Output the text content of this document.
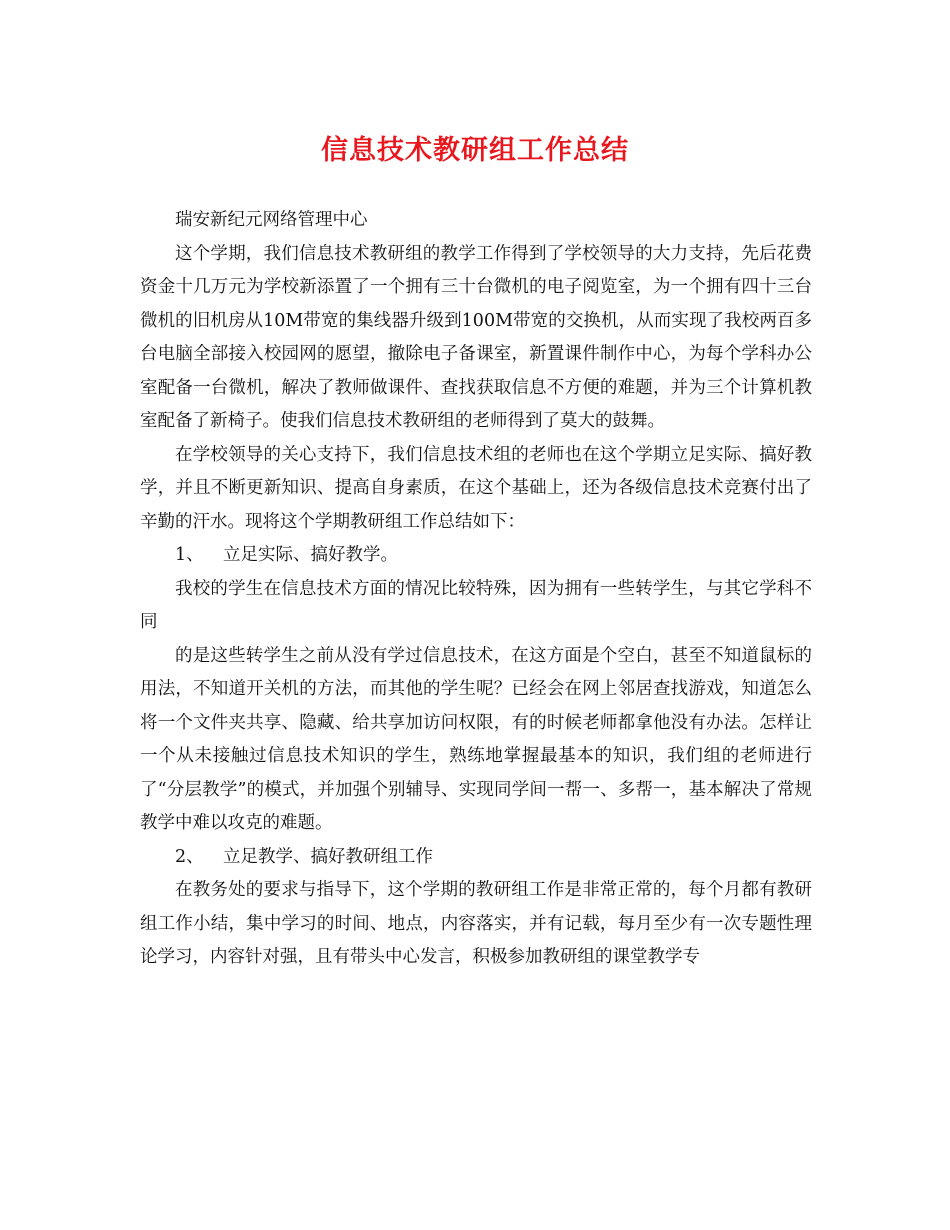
信息技术教研组工作总结

瑞安新纪元网络管理中心

这个学期，我们信息技术教研组的教学工作得到了学校领导的大力支持，先后花费资金十几万元为学校新添置了一个拥有三十台微机的电子阅览室，为一个拥有四十三台微机的旧机房从10M带宽的集线器升级到100M带宽的交换机，从而实现了我校两百多台电脑全部接入校园网的愿望，撤除电子备课室，新置课件制作中心，为每个学科办公室配备一台微机，解决了教师做课件、查找获取信息不方便的难题，并为三个计算机教室配备了新椅子。使我们信息技术教研组的老师得到了莫大的鼓舞。

在学校领导的关心支持下，我们信息技术组的老师也在这个学期立足实际、搞好教学，并且不断更新知识、提高自身素质，在这个基础上，还为各级信息技术竞赛付出了辛勤的汗水。现将这个学期教研组工作总结如下：

1、 立足实际、搞好教学。

我校的学生在信息技术方面的情况比较特殊，因为拥有一些转学生，与其它学科不同

的是这些转学生之前从没有学过信息技术，在这方面是个空白，甚至不知道鼠标的用法，不知道开关机的方法，而其他的学生呢？已经会在网上邻居查找游戏，知道怎么将一个文件夹共享、隐藏、给共享加访问权限，有的时候老师都拿他没有办法。怎样让一个从未接触过信息技术知识的学生，熟练地掌握最基本的知识，我们组的老师进行了“分层教学”的模式，并加强个别辅导、实现同学间一帮一、多帮一，基本解决了常规教学中难以攻克的难题。

2、 立足教学、搞好教研组工作

在教务处的要求与指导下，这个学期的教研组工作是非常正常的，每个月都有教研组工作小结，集中学习的时间、地点，内容落实，并有记载，每月至少有一次专题性理论学习，内容针对强，且有带头中心发言，积极参加教研组的课堂教学专
